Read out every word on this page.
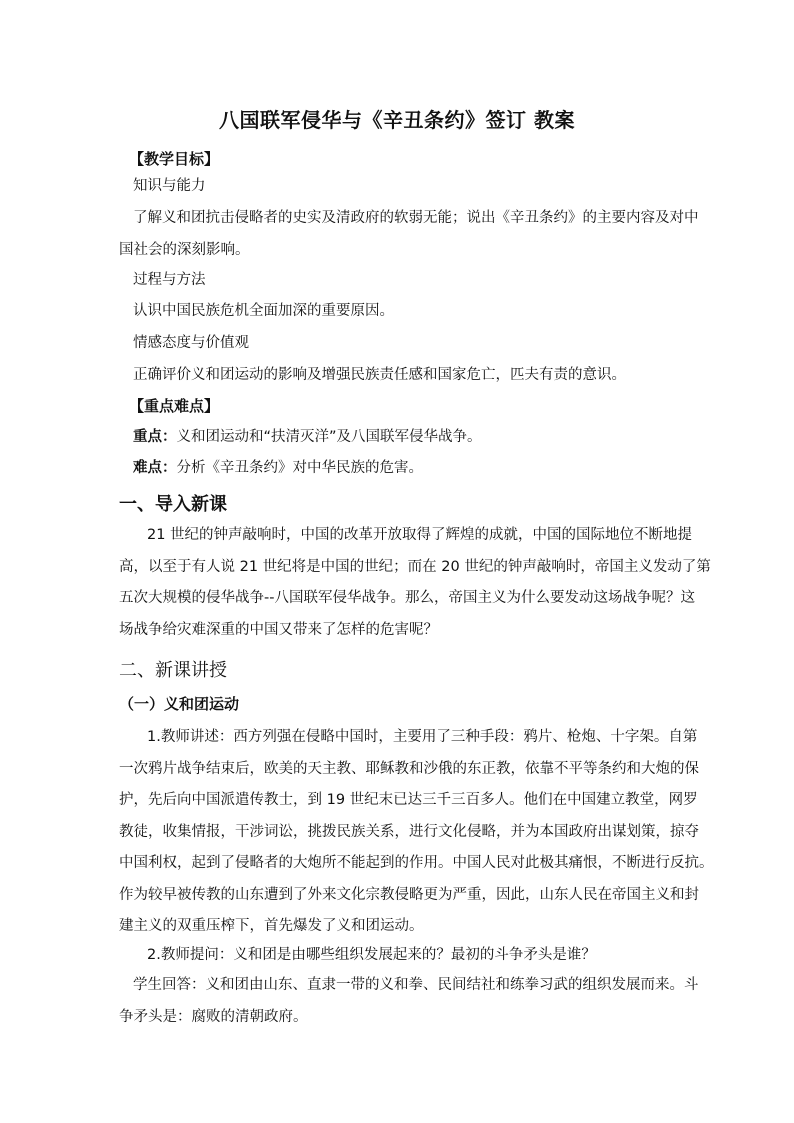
八国联军侵华与《辛丑条约》签订 教案
【教学目标】
知识与能力
了解义和团抗击侵略者的史实及清政府的软弱无能；说出《辛丑条约》的主要内容及对中
国社会的深刻影响。
过程与方法
认识中国民族危机全面加深的重要原因。
情感态度与价值观
正确评价义和团运动的影响及增强民族责任感和国家危亡，匹夫有责的意识。
【重点难点】
重点：义和团运动和“扶清灭洋”及八国联军侵华战争。
难点：分析《辛丑条约》对中华民族的危害。
一、导入新课
21 世纪的钟声敲响时，中国的改革开放取得了辉煌的成就，中国的国际地位不断地提
高，以至于有人说 21 世纪将是中国的世纪；而在 20 世纪的钟声敲响时，帝国主义发动了第
五次大规模的侵华战争--八国联军侵华战争。那么，帝国主义为什么要发动这场战争呢？这
场战争给灾难深重的中国又带来了怎样的危害呢？
二、新课讲授
（一）义和团运动
1.教师讲述：西方列强在侵略中国时，主要用了三种手段：鸦片、枪炮、十字架。自第
一次鸦片战争结束后，欧美的天主教、耶稣教和沙俄的东正教，依靠不平等条约和大炮的保
护，先后向中国派遣传教士，到 19 世纪末已达三千三百多人。他们在中国建立教堂，网罗
教徒，收集情报，干涉词讼，挑拨民族关系，进行文化侵略，并为本国政府出谋划策，掠夺
中国利权，起到了侵略者的大炮所不能起到的作用。中国人民对此极其痛恨，不断进行反抗。
作为较早被传教的山东遭到了外来文化宗教侵略更为严重，因此，山东人民在帝国主义和封
建主义的双重压榨下，首先爆发了义和团运动。
2.教师提问：义和团是由哪些组织发展起来的？最初的斗争矛头是谁？
学生回答：义和团由山东、直隶一带的义和拳、民间结社和练拳习武的组织发展而来。斗
争矛头是：腐败的清朝政府。
